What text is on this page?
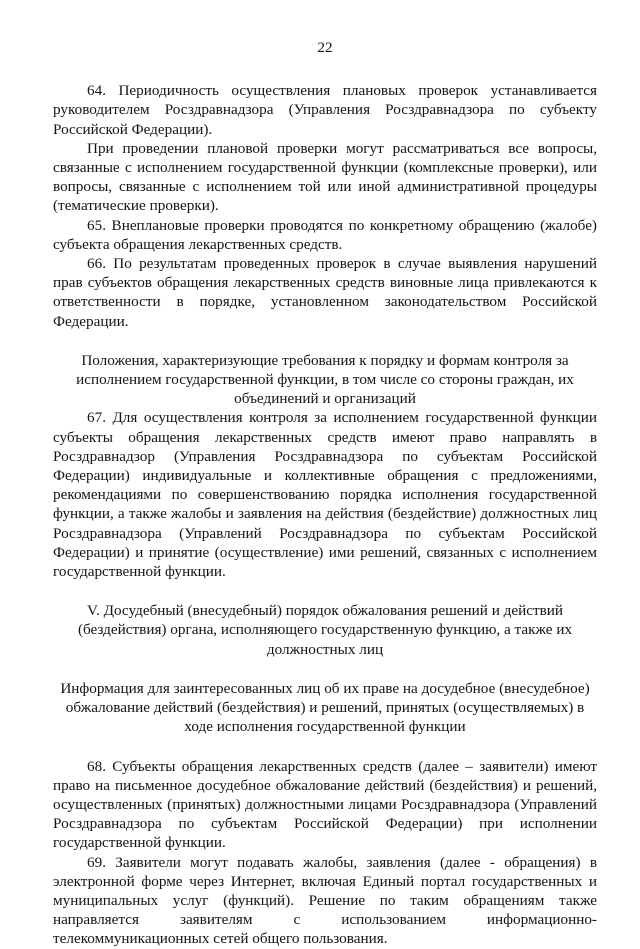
22

64. Периодичность осуществления плановых проверок устанавливается руководителем Росздравнадзора (Управления Росздравнадзора по субъекту Российской Федерации).

При проведении плановой проверки могут рассматриваться все вопросы, связанные с исполнением государственной функции (комплексные проверки), или вопросы, связанные с исполнением той или иной административной процедуры (тематические проверки).

65. Внеплановые проверки проводятся по конкретному обращению (жалобе) субъекта обращения лекарственных средств.

66. По результатам проведенных проверок в случае выявления нарушений прав субъектов обращения лекарственных средств виновные лица привлекаются к ответственности в порядке, установленном законодательством Российской Федерации.

Положения, характеризующие требования к порядку и формам контроля за исполнением государственной функции, в том числе со стороны граждан, их объединений и организаций

67. Для осуществления контроля за исполнением государственной функции субъекты обращения лекарственных средств имеют право направлять в Росздравнадзор (Управления Росздравнадзора по субъектам Российской Федерации) индивидуальные и коллективные обращения с предложениями, рекомендациями по совершенствованию порядка исполнения государственной функции, а также жалобы и заявления на действия (бездействие) должностных лиц Росздравнадзора (Управлений Росздравнадзора по субъектам Российской Федерации) и принятие (осуществление) ими решений, связанных с исполнением государственной функции.

V. Досудебный (внесудебный) порядок обжалования решений и действий (бездействия) органа, исполняющего государственную функцию, а также их должностных лиц

Информация для заинтересованных лиц об их праве на досудебное (внесудебное) обжалование действий (бездействия) и решений, принятых (осуществляемых) в ходе исполнения государственной функции

68. Субъекты обращения лекарственных средств (далее – заявители) имеют право на письменное досудебное обжалование действий (бездействия) и решений, осуществленных (принятых) должностными лицами Росздравнадзора (Управлений Росздравнадзора по субъектам Российской Федерации) при исполнении государственной функции.

69. Заявители могут подавать жалобы, заявления (далее - обращения) в электронной форме через Интернет, включая Единый портал государственных и муниципальных услуг (функций). Решение по таким обращениям также направляется заявителям с использованием информационно-телекоммуникационных сетей общего пользования.
